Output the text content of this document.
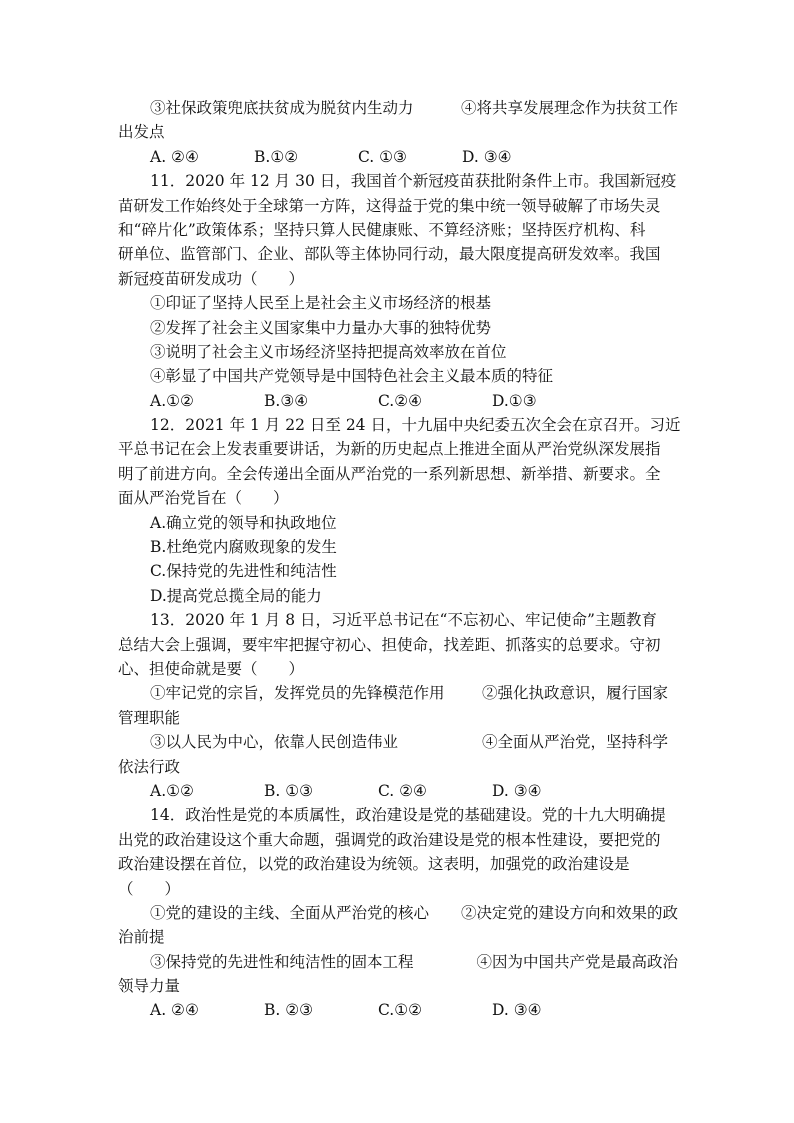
③社保政策兜底扶贫成为脱贫内生动力	④将共享发展理念作为扶贫工作
出发点
A. ②④	B.①②	C. ①③	D. ③④
11．2020 年 12 月 30 日，我国首个新冠疫苗获批附条件上市。我国新冠疫
苗研发工作始终处于全球第一方阵，这得益于党的集中统一领导破解了市场失灵
和“碎片化”政策体系；坚持只算人民健康账、不算经济账；坚持医疗机构、科
研单位、监管部门、企业、部队等主体协同行动，最大限度提高研发效率。我国
新冠疫苗研发成功（　　）
①印证了坚持人民至上是社会主义市场经济的根基
②发挥了社会主义国家集中力量办大事的独特优势
③说明了社会主义市场经济坚持把提高效率放在首位
④彰显了中国共产党领导是中国特色社会主义最本质的特征
A.①②	B.③④	C.②④	D.①③
12．2021 年 1 月 22 日至 24 日，十九届中央纪委五次全会在京召开。习近
平总书记在会上发表重要讲话，为新的历史起点上推进全面从严治党纵深发展指
明了前进方向。全会传递出全面从严治党的一系列新思想、新举措、新要求。全
面从严治党旨在（　　）
A.确立党的领导和执政地位
B.杜绝党内腐败现象的发生
C.保持党的先进性和纯洁性
D.提高党总揽全局的能力
13．2020 年 1 月 8 日，习近平总书记在“不忘初心、牢记使命”主题教育
总结大会上强调，要牢牢把握守初心、担使命，找差距、抓落实的总要求。守初
心、担使命就是要（　　）
①牢记党的宗旨，发挥党员的先锋模范作用	②强化执政意识，履行国家
管理职能
③以人民为中心，依靠人民创造伟业	④全面从严治党，坚持科学
依法行政
A.①②	B. ①③	C. ②④	D. ③④
14．政治性是党的本质属性，政治建设是党的基础建设。党的十九大明确提
出党的政治建设这个重大命题，强调党的政治建设是党的根本性建设，要把党的
政治建设摆在首位，以党的政治建设为统领。这表明，加强党的政治建设是
（　　）
①党的建设的主线、全面从严治党的核心	②决定党的建设方向和效果的政
治前提
③保持党的先进性和纯洁性的固本工程	④因为中国共产党是最高政治
领导力量
A. ②④	B. ②③	C.①②	D. ③④
